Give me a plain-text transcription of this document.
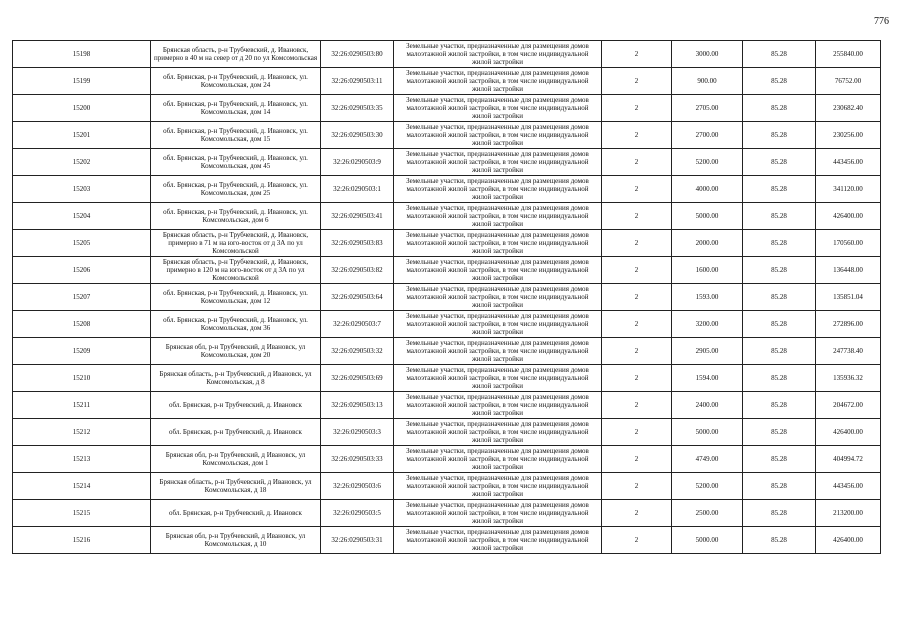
776
15198	Брянская область, р-н Трубчевский, д. Ивановск, примерно в 40 м на север от д 20 по ул Комсомольская	32:26:0290503:80	Земельные участки, предназначенные для размещения домов малоэтажной жилой застройки, в том числе индивидуальной жилой застройки	2	3000.00	85.28	255840.00
15199	обл. Брянская, р-н Трубчевский, д. Ивановск, ул. Комсомольская, дом 24	32:26:0290503:11	Земельные участки, предназначенные для размещения домов малоэтажной жилой застройки, в том числе индивидуальной жилой застройки	2	900.00	85.28	76752.00
15200	обл. Брянская, р-н Трубчевский, д. Ивановск, ул. Комсомольская, дом 14	32:26:0290503:35	Земельные участки, предназначенные для размещения домов малоэтажной жилой застройки, в том числе индивидуальной жилой застройки	2	2705.00	85.28	230682.40
15201	обл. Брянская, р-н Трубчевский, д. Ивановск, ул. Комсомольская, дом 15	32:26:0290503:30	Земельные участки, предназначенные для размещения домов малоэтажной жилой застройки, в том числе индивидуальной жилой застройки	2	2700.00	85.28	230256.00
15202	обл. Брянская, р-н Трубчевский, д. Ивановск, ул. Комсомольская, дом 45	32:26:0290503:9	Земельные участки, предназначенные для размещения домов малоэтажной жилой застройки, в том числе индивидуальной жилой застройки	2	5200.00	85.28	443456.00
15203	обл. Брянская, р-н Трубчевский, д. Ивановск, ул. Комсомольская, дом 25	32:26:0290503:1	Земельные участки, предназначенные для размещения домов малоэтажной жилой застройки, в том числе индивидуальной жилой застройки	2	4000.00	85.28	341120.00
15204	обл. Брянская, р-н Трубчевский, д. Ивановск, ул. Комсомольская, дом 6	32:26:0290503:41	Земельные участки, предназначенные для размещения домов малоэтажной жилой застройки, в том числе индивидуальной жилой застройки	2	5000.00	85.28	426400.00
15205	Брянская область, р-н Трубчевский, д. Ивановск, примерно в 71 м на юго-восток от д 3А по ул Комсомольской	32:26:0290503:83	Земельные участки, предназначенные для размещения домов малоэтажной жилой застройки, в том числе индивидуальной жилой застройки	2	2000.00	85.28	170560.00
15206	Брянская область, р-н Трубчевский, д. Ивановск, примерно в 120 м на юго-восток от д 3А по ул Комсомольской	32:26:0290503:82	Земельные участки, предназначенные для размещения домов малоэтажной жилой застройки, в том числе индивидуальной жилой застройки	2	1600.00	85.28	136448.00
15207	обл. Брянская, р-н Трубчевский, д. Ивановск, ул. Комсомольская, дом 12	32:26:0290503:64	Земельные участки, предназначенные для размещения домов малоэтажной жилой застройки, в том числе индивидуальной жилой застройки	2	1593.00	85.28	135851.04
15208	обл. Брянская, р-н Трубчевский, д. Ивановск, ул. Комсомольская, дом 36	32:26:0290503:7	Земельные участки, предназначенные для размещения домов малоэтажной жилой застройки, в том числе индивидуальной жилой застройки	2	3200.00	85.28	272896.00
15209	Брянская обл, р-н Трубчевский, д Ивановск, ул Комсомольская, дом 20	32:26:0290503:32	Земельные участки, предназначенные для размещения домов малоэтажной жилой застройки, в том числе индивидуальной жилой застройки	2	2905.00	85.28	247738.40
15210	Брянская область, р-н Трубчевский, д Ивановск, ул Комсомольская, д 8	32:26:0290503:69	Земельные участки, предназначенные для размещения домов малоэтажной жилой застройки, в том числе индивидуальной жилой застройки	2	1594.00	85.28	135936.32
15211	обл. Брянская, р-н Трубчевский, д. Ивановск	32:26:0290503:13	Земельные участки, предназначенные для размещения домов малоэтажной жилой застройки, в том числе индивидуальной жилой застройки	2	2400.00	85.28	204672.00
15212	обл. Брянская, р-н Трубчевский, д. Ивановск	32:26:0290503:3	Земельные участки, предназначенные для размещения домов малоэтажной жилой застройки, в том числе индивидуальной жилой застройки	2	5000.00	85.28	426400.00
15213	Брянская обл, р-н Трубчевский, д Ивановск, ул Комсомольская, дом 1	32:26:0290503:33	Земельные участки, предназначенные для размещения домов малоэтажной жилой застройки, в том числе индивидуальной жилой застройки	2	4749.00	85.28	404994.72
15214	Брянская область, р-н Трубчевский, д Ивановск, ул Комсомольская, д 18	32:26:0290503:6	Земельные участки, предназначенные для размещения домов малоэтажной жилой застройки, в том числе индивидуальной жилой застройки	2	5200.00	85.28	443456.00
15215	обл. Брянская, р-н Трубчевский, д. Ивановск	32:26:0290503:5	Земельные участки, предназначенные для размещения домов малоэтажной жилой застройки, в том числе индивидуальной жилой застройки	2	2500.00	85.28	213200.00
15216	Брянская обл, р-н Трубчевский, д Ивановск, ул Комсомольская, д 10	32:26:0290503:31	Земельные участки, предназначенные для размещения домов малоэтажной жилой застройки, в том числе индивидуальной жилой застройки	2	5000.00	85.28	426400.00
